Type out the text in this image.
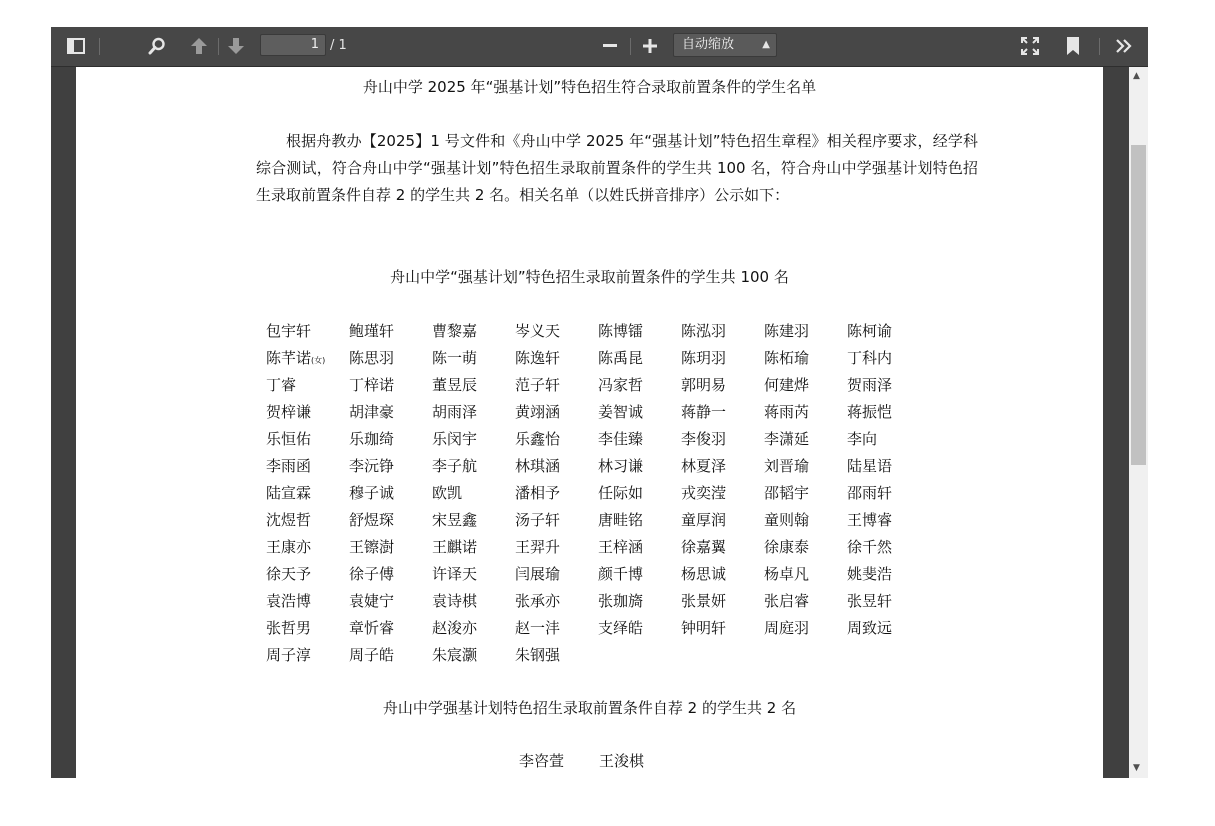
1 / 1	自动缩放	▲

舟山中学 2025 年“强基计划”特色招生符合录取前置条件的学生名单

根据舟教办【2025】1 号文件和《舟山中学 2025 年“强基计划”特色招生章程》相关程序要求，经学科综合测试，符合舟山中学“强基计划”特色招生录取前置条件的学生共 100 名，符合舟山中学强基计划特色招生录取前置条件自荐 2 的学生共 2 名。相关名单（以姓氏拼音排序）公示如下：

舟山中学“强基计划”特色招生录取前置条件的学生共 100 名
包宇轩	鲍瑾轩	曹黎嘉	岑义天	陈博镭	陈泓羽	陈建羽	陈柯谕
陈芊诺(女) 陈思羽	陈一萌	陈逸轩	陈禹昆	陈玥羽	陈柘瑜	丁科内
丁睿	丁梓诺	董昱辰	范子轩	冯家哲	郭明易	何建烨	贺雨泽
贺梓谦	胡津豪	胡雨泽	黄翊涵	姜智诚	蒋静一	蒋雨芮	蒋振恺
乐恒佑	乐珈绮	乐闵宇	乐鑫怡	李佳臻	李俊羽	李潇延	李向
李雨函	李沅铮	李子航	林琪涵	林习谦	林夏泽	刘晋瑜	陆星语
陆宣霖	穆子诚	欧凯	潘相予	任际如	戎奕滢	邵韬宇	邵雨轩
沈煜哲	舒煜琛	宋昱鑫	汤子轩	唐畦铭	童厚润	童则翰	王博睿
王康亦	王镲澍	王麒诺	王羿升	王梓涵	徐嘉翼	徐康泰	徐千然
徐天予	徐子傅	许译天	闫展瑜	颜千博	杨思诚	杨卓凡	姚斐浩
袁浩博	袁婕宁	袁诗棋	张承亦	张珈旖	张景妍	张启睿	张昱轩
张哲男	章忻睿	赵浚亦	赵一沣	支绎皓	钟明轩	周庭羽	周致远
周子淳	周子皓	朱宸灏	朱钢强
舟山中学强基计划特色招生录取前置条件自荐 2 的学生共 2 名
李咨萱 王浚棋
▲
▼
